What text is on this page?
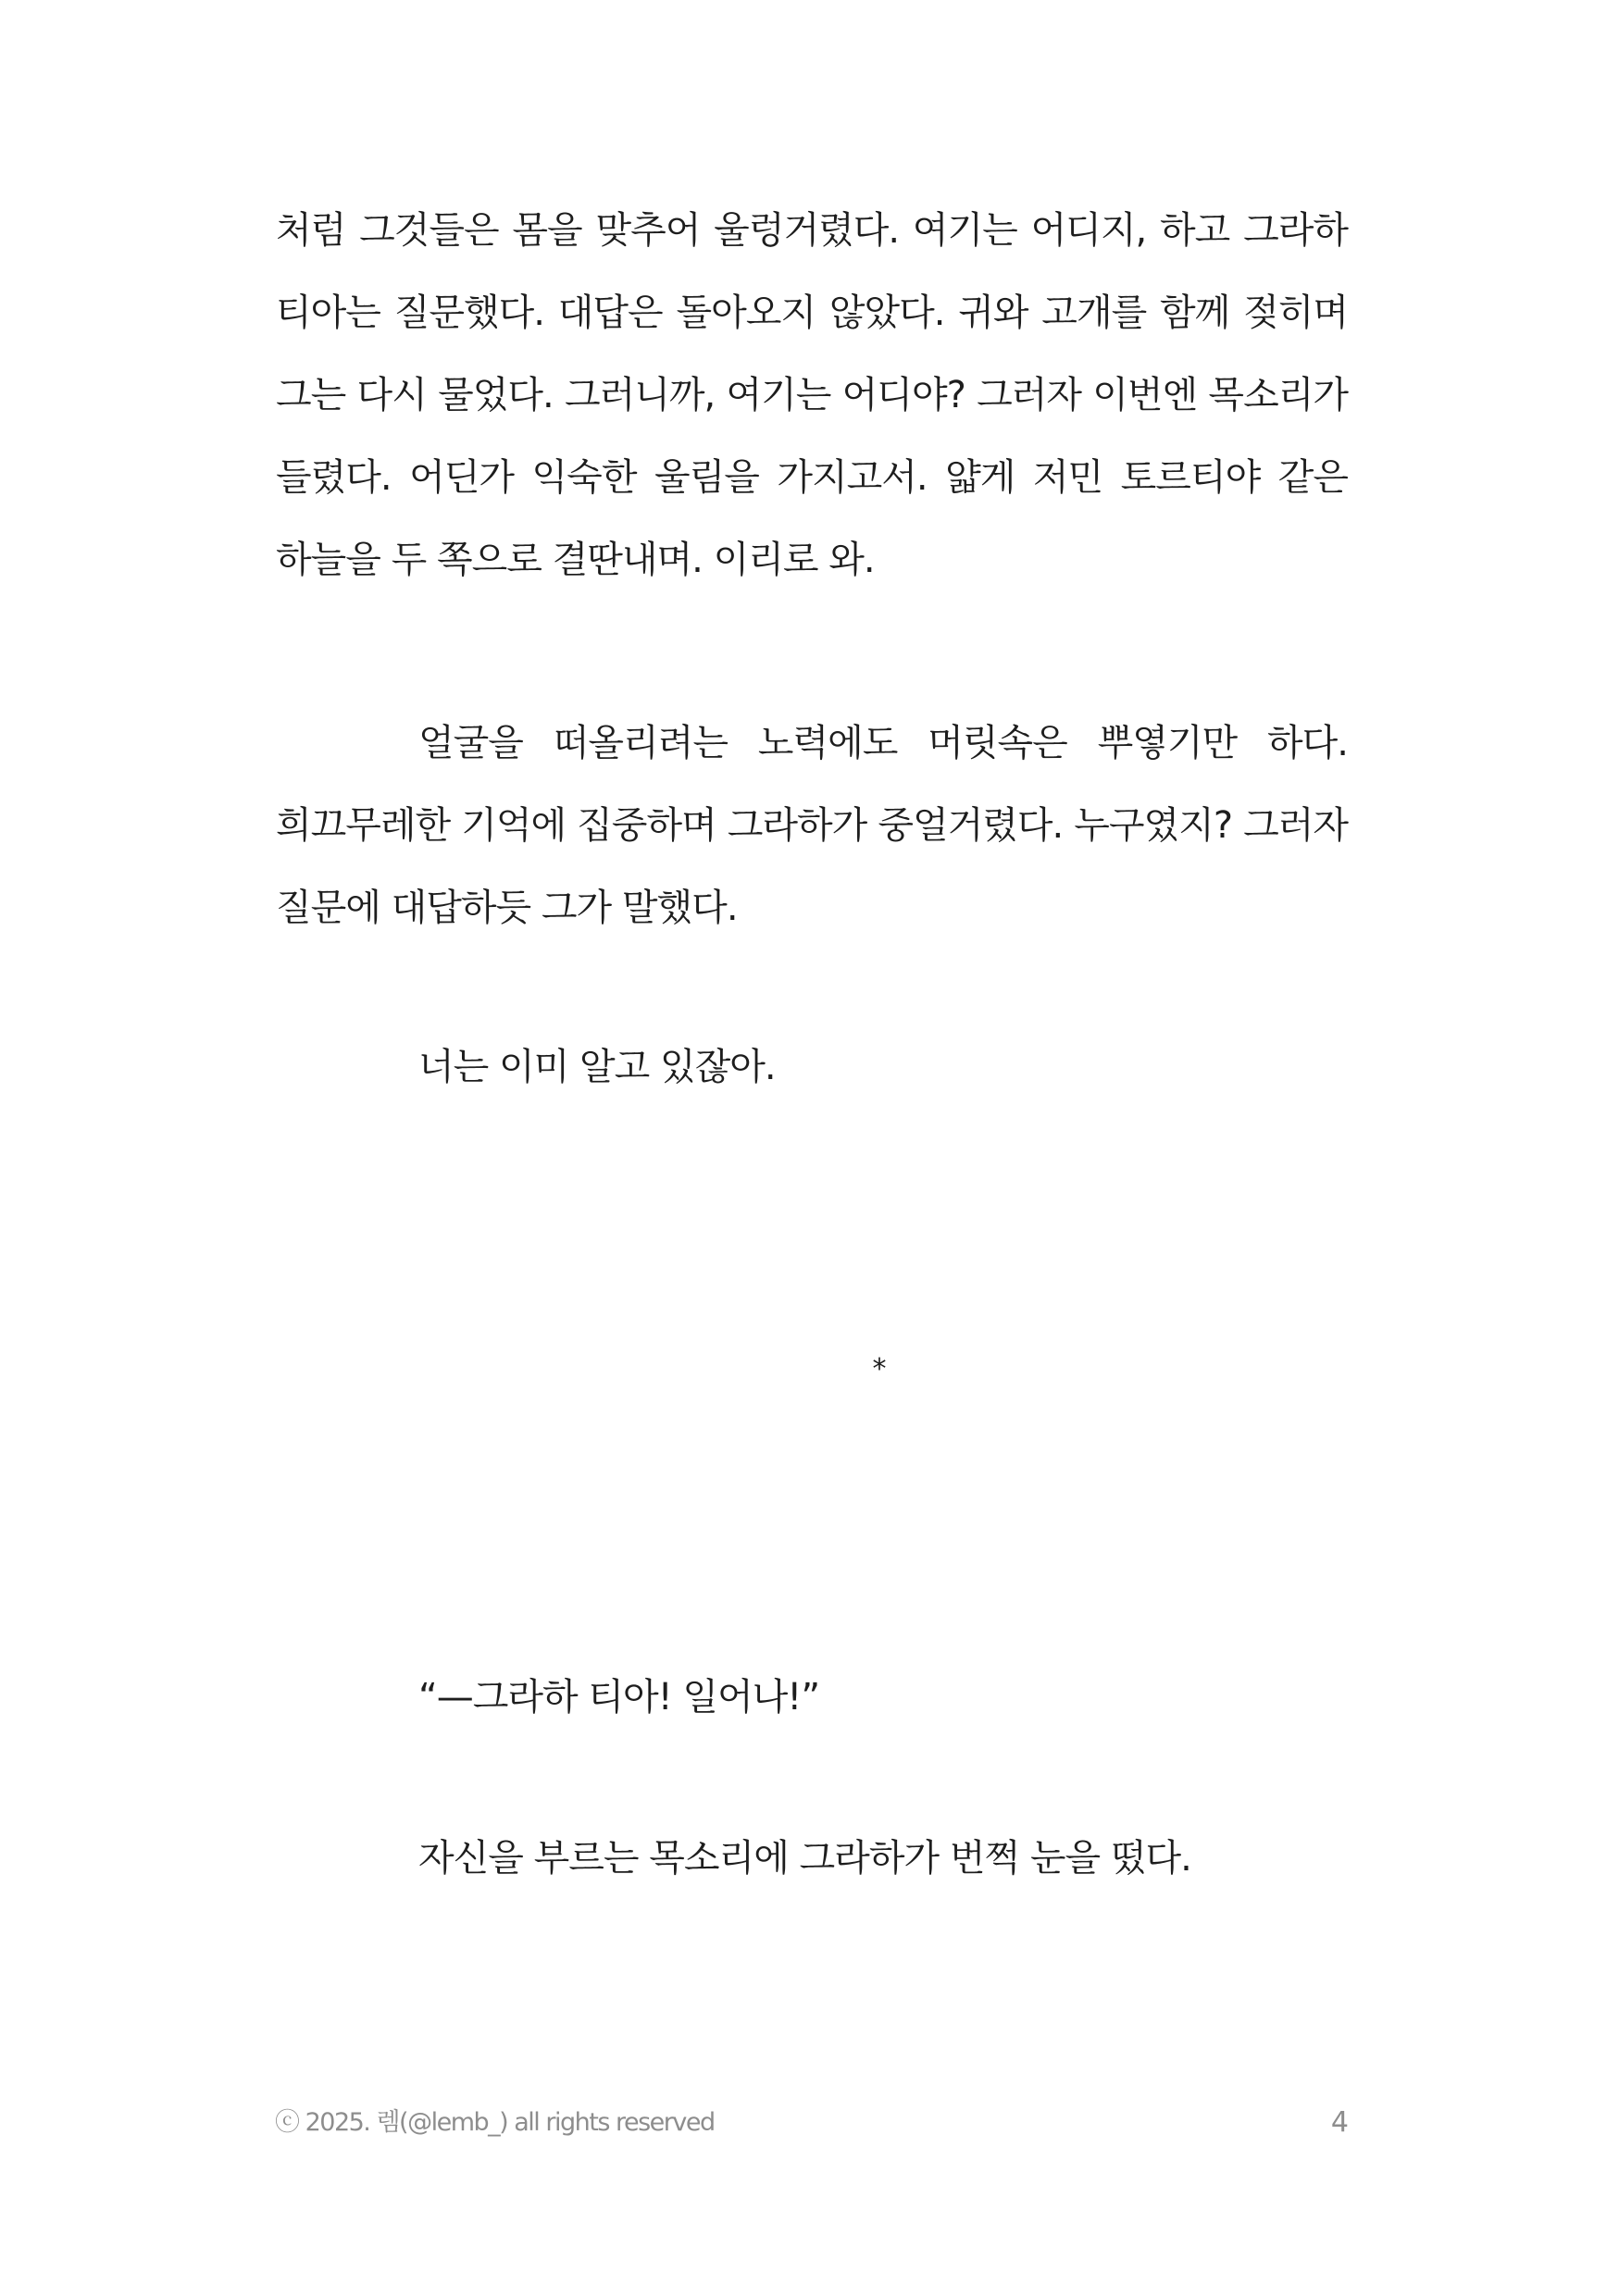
처럼 그것들은 몸을 맞추어 울렁거렸다. 여기는 어디지, 하고 그라하 티아는 질문했다. 대답은 돌아오지 않았다. 귀와 고개를 함께 젖히며 그는 다시 물었다. 그러니까, 여기는 어디야? 그러자 이번엔 목소리가 들렸다. 어딘가 익숙한 울림을 가지고서. 얇게 저민 토르티야 같은 하늘을 두 쪽으로 결딴내며. 이리로 와.

얼굴을 떠올리려는 노력에도 머릿속은 뿌옇기만 하다. 희끄무레한 기억에 집중하며 그라하가 중얼거렸다. 누구였지? 그러자 질문에 대답하듯 그가 말했다.

너는 이미 알고 있잖아.

*

“—그라하 티아! 일어나!”

자신을 부르는 목소리에 그라하가 번쩍 눈을 떴다.

ⓒ 2025. 렘(@lemb_) all rights reserved	4
